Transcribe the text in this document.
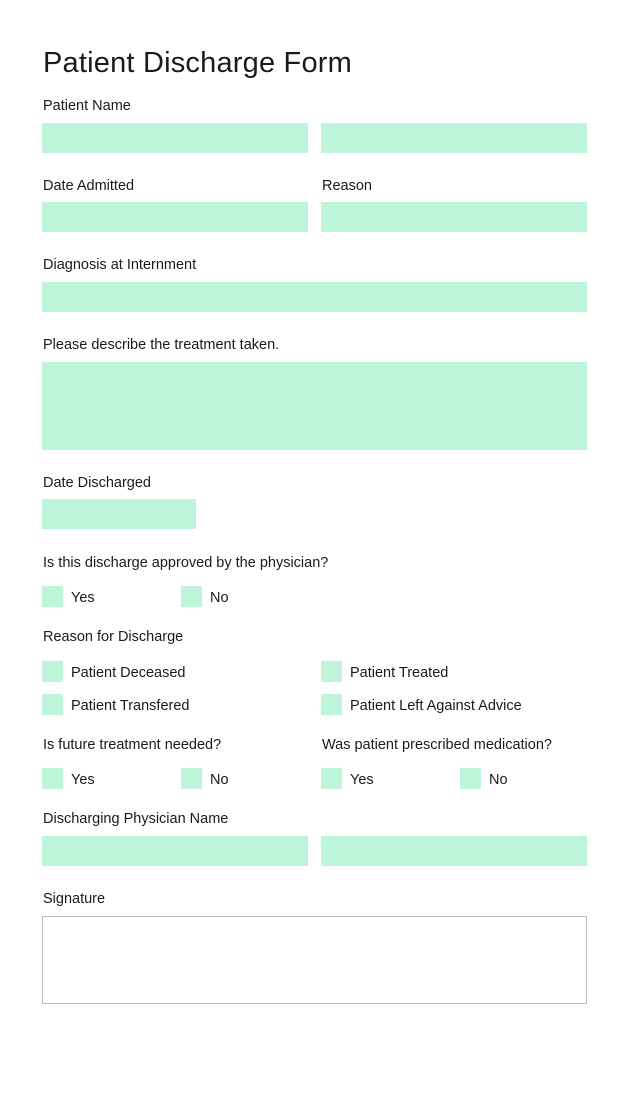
Patient Discharge Form
Patient Name
Date Admitted	Reason
Diagnosis at Internment
Please describe the treatment taken.
Date Discharged
Is this discharge approved by the physician?
Yes	No
Reason for Discharge
Patient Deceased	Patient Treated
Patient Transfered	Patient Left Against Advice
Is future treatment needed?	Was patient prescribed medication?
Yes	No	Yes	No
Discharging Physician Name
Signature
